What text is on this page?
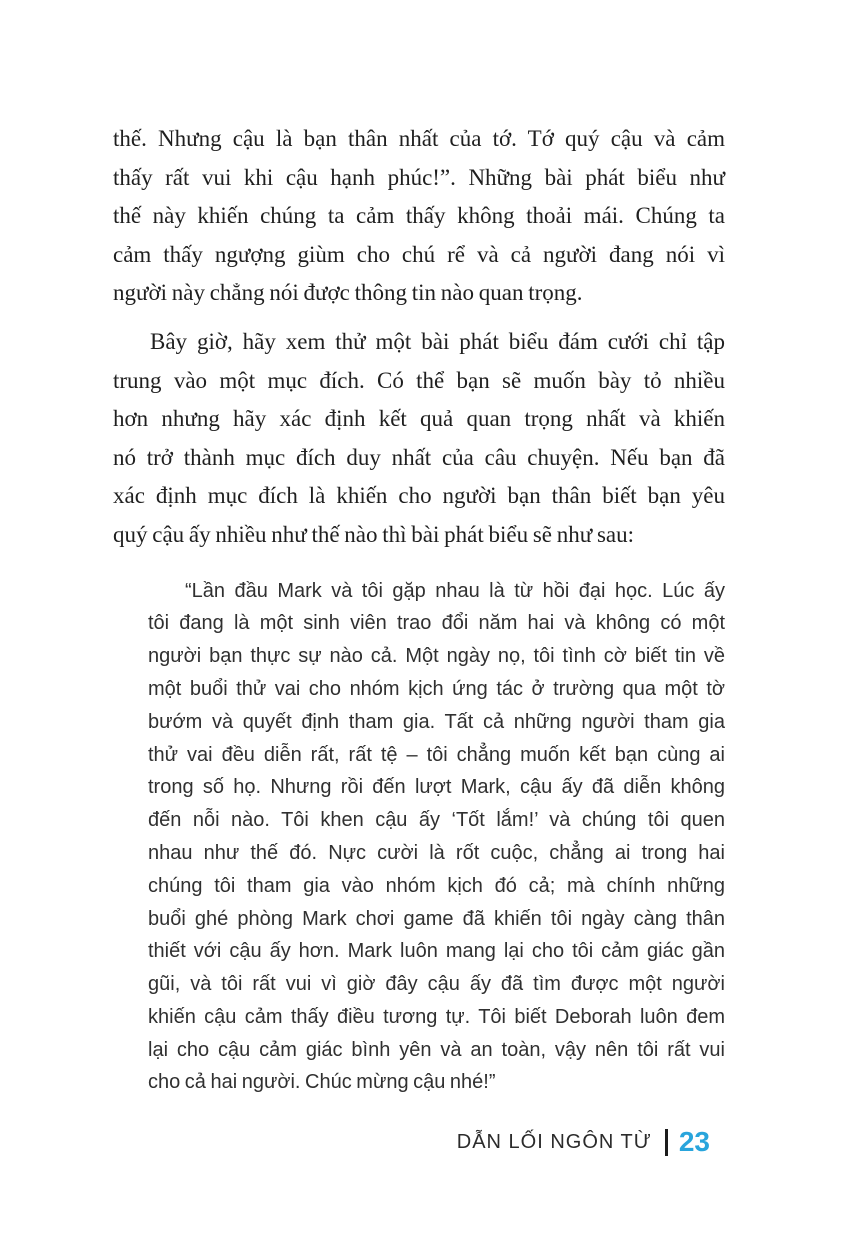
thế. Nhưng cậu là bạn thân nhất của tớ. Tớ quý cậu và cảm
thấy rất vui khi cậu hạnh phúc!”. Những bài phát biểu như
thế này khiến chúng ta cảm thấy không thoải mái. Chúng ta
cảm thấy ngượng giùm cho chú rể và cả người đang nói vì
người này chẳng nói được thông tin nào quan trọng.
Bây giờ, hãy xem thử một bài phát biểu đám cưới chỉ tập
trung vào một mục đích. Có thể bạn sẽ muốn bày tỏ nhiều
hơn nhưng hãy xác định kết quả quan trọng nhất và khiến
nó trở thành mục đích duy nhất của câu chuyện. Nếu bạn đã
xác định mục đích là khiến cho người bạn thân biết bạn yêu
quý cậu ấy nhiều như thế nào thì bài phát biểu sẽ như sau:
“Lần đầu Mark và tôi gặp nhau là từ hồi đại học. Lúc ấy
tôi đang là một sinh viên trao đổi năm hai và không có một
người bạn thực sự nào cả. Một ngày nọ, tôi tình cờ biết tin về
một buổi thử vai cho nhóm kịch ứng tác ở trường qua một tờ
bướm và quyết định tham gia. Tất cả những người tham gia
thử vai đều diễn rất, rất tệ – tôi chẳng muốn kết bạn cùng ai
trong số họ. Nhưng rồi đến lượt Mark, cậu ấy đã diễn không
đến nỗi nào. Tôi khen cậu ấy ‘Tốt lắm!’ và chúng tôi quen
nhau như thế đó. Nực cười là rốt cuộc, chẳng ai trong hai
chúng tôi tham gia vào nhóm kịch đó cả; mà chính những
buổi ghé phòng Mark chơi game đã khiến tôi ngày càng thân
thiết với cậu ấy hơn. Mark luôn mang lại cho tôi cảm giác gần
gũi, và tôi rất vui vì giờ đây cậu ấy đã tìm được một người
khiến cậu cảm thấy điều tương tự. Tôi biết Deborah luôn đem
lại cho cậu cảm giác bình yên và an toàn, vậy nên tôi rất vui
cho cả hai người. Chúc mừng cậu nhé!”
DẪN LỐI NGÔN TỪ 23
